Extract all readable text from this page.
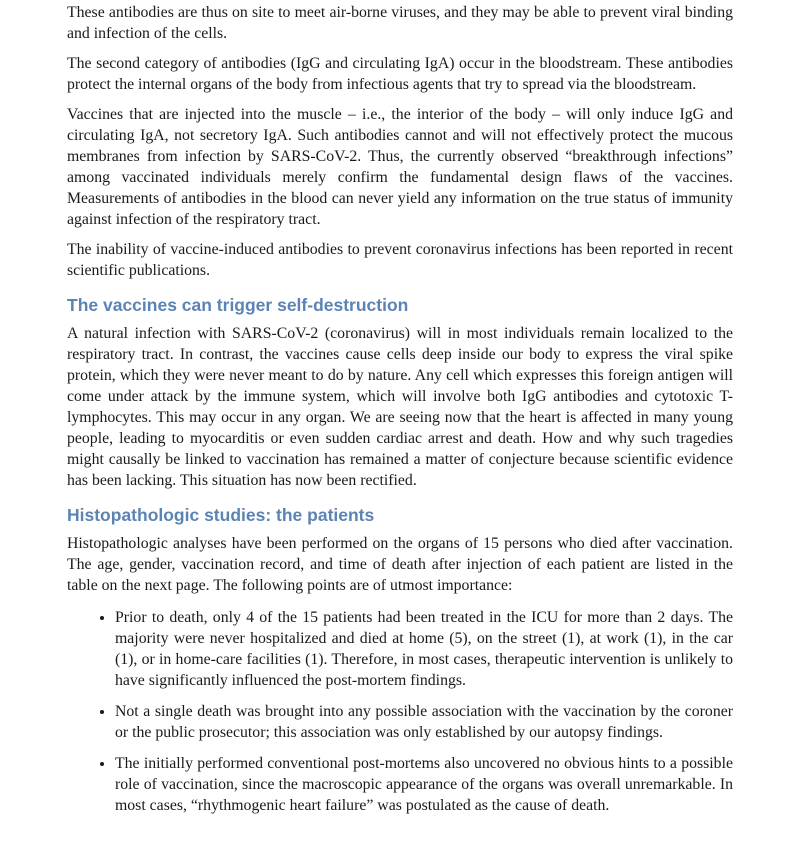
These antibodies are thus on site to meet air-borne viruses, and they may be able to prevent viral binding and infection of the cells.

The second category of antibodies (IgG and circulating IgA) occur in the bloodstream. These antibodies protect the internal organs of the body from infectious agents that try to spread via the bloodstream.

Vaccines that are injected into the muscle – i.e., the interior of the body – will only induce IgG and circulating IgA, not secretory IgA. Such antibodies cannot and will not effectively protect the mucous membranes from infection by SARS-CoV-2. Thus, the currently observed “breakthrough infections” among vaccinated individuals merely confirm the fundamental design flaws of the vaccines. Measurements of antibodies in the blood can never yield any information on the true status of immunity against infection of the respiratory tract.

The inability of vaccine-induced antibodies to prevent coronavirus infections has been reported in recent scientific publications.

The vaccines can trigger self-destruction

A natural infection with SARS-CoV-2 (coronavirus) will in most individuals remain localized to the respiratory tract. In contrast, the vaccines cause cells deep inside our body to express the viral spike protein, which they were never meant to do by nature. Any cell which expresses this foreign antigen will come under attack by the immune system, which will involve both IgG antibodies and cytotoxic T-lymphocytes. This may occur in any organ. We are seeing now that the heart is affected in many young people, leading to myocarditis or even sudden cardiac arrest and death. How and why such tragedies might causally be linked to vaccination has remained a matter of conjecture because scientific evidence has been lacking. This situation has now been rectified.

Histopathologic studies: the patients

Histopathologic analyses have been performed on the organs of 15 persons who died after vaccination. The age, gender, vaccination record, and time of death after injection of each patient are listed in the table on the next page. The following points are of utmost importance:

• Prior to death, only 4 of the 15 patients had been treated in the ICU for more than 2 days. The majority were never hospitalized and died at home (5), on the street (1), at work (1), in the car (1), or in home-care facilities (1). Therefore, in most cases, therapeutic intervention is unlikely to have significantly influenced the post-mortem findings.
• Not a single death was brought into any possible association with the vaccination by the coroner or the public prosecutor; this association was only established by our autopsy findings.
• The initially performed conventional post-mortems also uncovered no obvious hints to a possible role of vaccination, since the macroscopic appearance of the organs was overall unremarkable. In most cases, “rhythmogenic heart failure” was postulated as the cause of death.
